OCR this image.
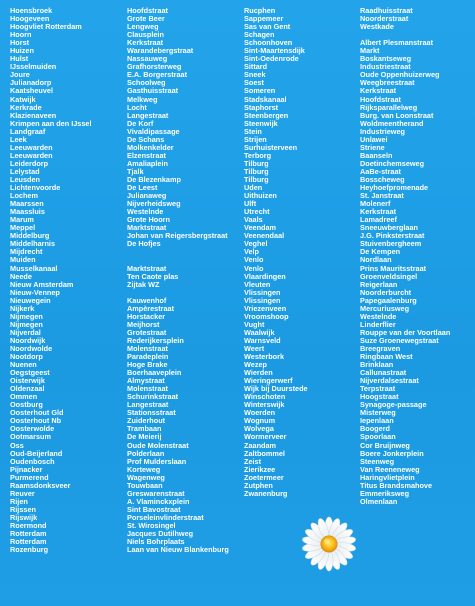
Hoensbroek
Hoogeveen
Hoogvliet Rotterdam
Hoorn
Horst
Huizen
Hulst
IJsselmuiden
Joure
Julianadorp
Kaatsheuvel
Katwijk
Kerkrade
Klazienaveen
Krimpen aan den IJssel
Landgraaf
Leek
Leeuwarden
Leeuwarden
Leiderdorp
Lelystad
Leusden
Lichtenvoorde
Lochem
Maarssen
Maassluis
Marum
Meppel
Middelburg
Middelharnis
Mijdrecht
Muiden
Musselkanaal
Neede
Nieuw Amsterdam
Nieuw-Vennep
Nieuwegein
Nijkerk
Nijmegen
Nijmegen
Nijverdal
Noordwijk
Noordwolde
Nootdorp
Nuenen
Oegstgeest
Oisterwijk
Oldenzaal
Ommen
Oostburg
Oosterhout Gld
Oosterhout Nb
Oosterwolde
Ootmarsum
Oss
Oud-Beijerland
Oudenbosch
Pijnacker
Purmerend
Raamsdonksveer
Reuver
Rijen
Rijssen
Rijswijk
Roermond
Rotterdam
Rotterdam
Rozenburg
Hoofdstraat
Grote Beer
Lengweg
Clausplein
Kerkstraat
Warandebergstraat
Nassauweg
Grafhorsterweg
E.A. Borgerstraat
Schoolweg
Gasthuisstraat
Melkweg
Locht
Langestraat
De Korf
Vivaldipassage
De Schans
Molkenkelder
Elzenstraat
Amaliaplein
Tjalk
De Blezenkamp
De Leest
Julianaweg
Nijverheidsweg
Westelnde
Grote Hoorn
Marktstraat
Johan van Reigersbergstraat
De Hofjes
Marktstraat
Ten Caote plas
Zijtak WZ
Kauwenhof
Ampèrestraat
Horstacker
Meijhorst
Grotestraat
Rederijkersplein
Molenstraat
Paradeplein
Hoge Brake
Boerhaaveplein
Almystraat
Molenstraat
Schurinkstraat
Langestraat
Stationsstraat
Zuiderhout
Trambaan
De Meierij
Oude Molenstraat
Polderlaan
Prof Mulderslaan
Korteweg
Wagenweg
Touwbaan
Greswarenstraat
A. Vlaminckxplein
Sint Bavostraat
Porseleinvlinderstraat
St. Wirosingel
Jacques Dutilhweg
Niels Bohrplaats
Laan van Nieuw Blankenburg
Rucphen
Sappemeer
Sas van Gent
Schagen
Schoonhoven
Sint-Maartensdijk
Sint-Oedenrode
Sittard
Sneek
Soest
Someren
Stadskanaal
Staphorst
Steenbergen
Steenwijk
Stein
Strijen
Surhuisterveen
Terborg
Tilburg
Tilburg
Tilburg
Uden
Uithuizen
Ulft
Utrecht
Vaals
Veendam
Veenendaal
Veghel
Velp
Venlo
Venlo
Vlaardingen
Vleuten
Vlissingen
Vlissingen
Vriezenveen
Vroomshoop
Vught
Waalwijk
Warnsveld
Weert
Westerbork
Wezep
Wierden
Wieringerwerf
Wijk bij Duurstede
Winschoten
Winterswijk
Woerden
Wognum
Wolvega
Wormerveer
Zaandam
Zaltbommel
Zeist
Zierikzee
Zoetermeer
Zutphen
Zwanenburg
Raadhuisstraat
Noorderstraat
Westkade
Albert Plesmanstraat
Markt
Boskantseweg
Industriestraat
Oude Oppenhuizerweg
Weegbreestraat
Kerkstraat
Hoofdstraat
Rijksparallelweg
Burg. van Loonstraat
Woldmeentherand
Industrieweg
Unlawei
Striene
Baanseln
Doetinchemseweg
AaBe-straat
Bosscheweg
Heyhoefpromenade
St. Janstraat
Molenerf
Kerkstraat
Lamadreef
Sneeuwberglaan
J.G. Pinksterstraat
Stuivenbergheem
De Kempen
Nordlaan
Prins Mauritsstraat
Groenveldsingel
Reigerlaan
Noorderburcht
Papegaalenburg
Mercuriusweg
Westelnde
Linderflier
Rouppe van der Voortlaan
Suze Groenewegstraat
Breegraven
Ringbaan West
Brinklaan
Callunastraat
Nijverdalsestraat
Terpstraat
Hoogstraat
Synagoge-passage
Misterweg
Iepenlaan
Boogerd
Spoorlaan
Cor Bruijnweg
Boere Jonkerplein
Steenweg
Van Reeneneweg
Haringvlietplein
Titus Brandsmahove
Emmeriksweg
Olmenlaan
